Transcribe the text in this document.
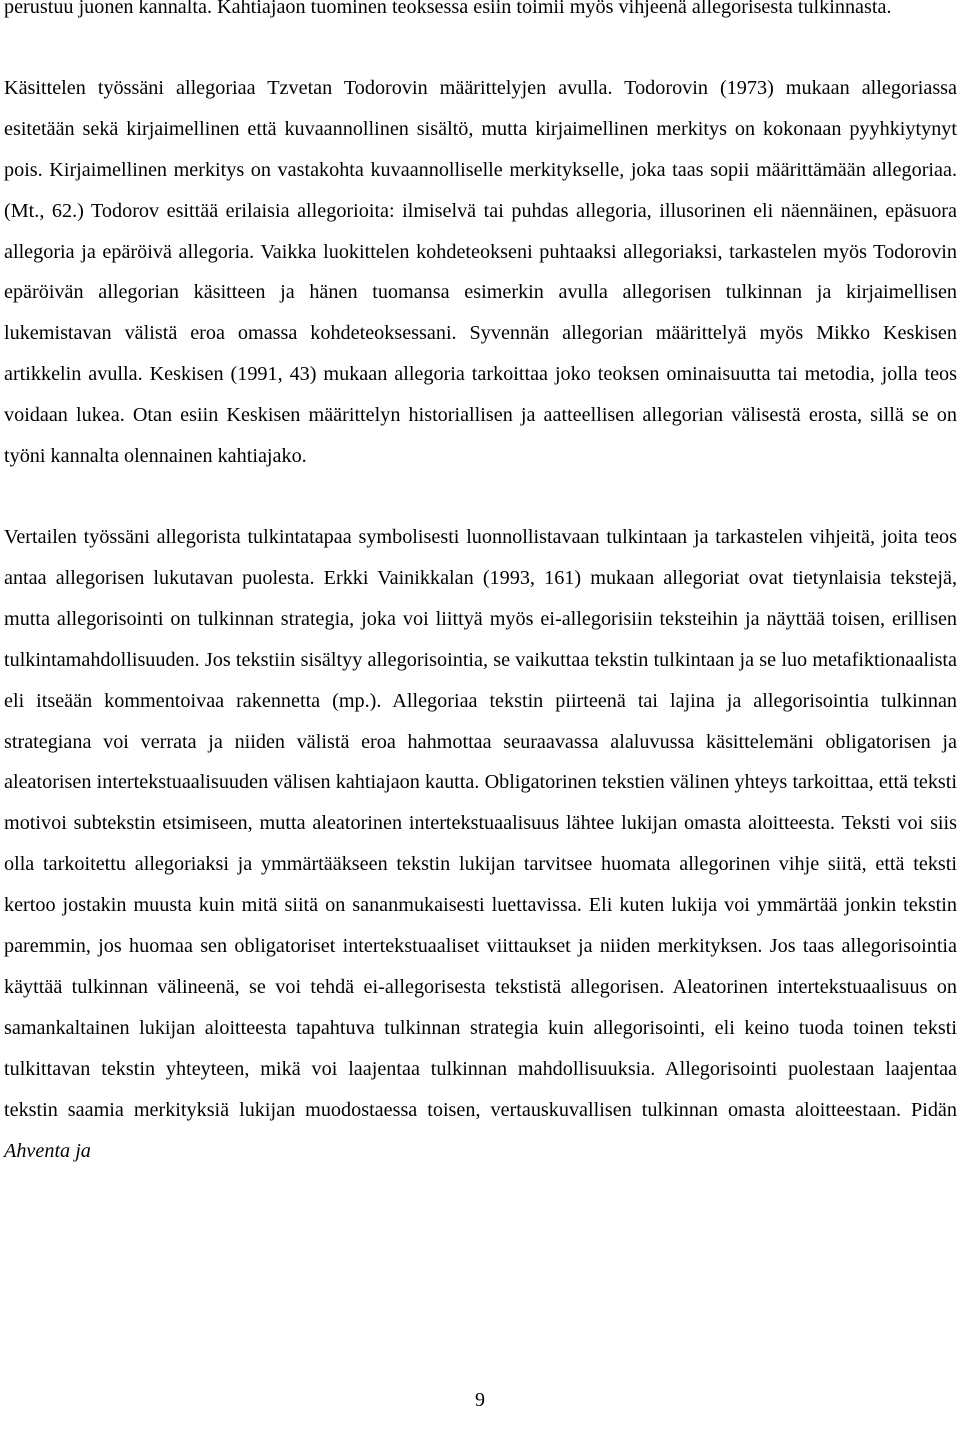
perustuu juonen kannalta. Kahtiajaon tuominen teoksessa esiin toimii myös vihjeenä allegorisesta tulkinnasta.

Käsittelen työssäni allegoriaa Tzvetan Todorovin määrittelyjen avulla. Todorovin (1973) mukaan allegoriassa esitetään sekä kirjaimellinen että kuvaannollinen sisältö, mutta kirjaimellinen merkitys on kokonaan pyyhkiytynyt pois. Kirjaimellinen merkitys on vastakohta kuvaannolliselle merkitykselle, joka taas sopii määrittämään allegoriaa. (Mt., 62.) Todorov esittää erilaisia allegorioita: ilmiselvä tai puhdas allegoria, illusorinen eli näennäinen, epäsuora allegoria ja epäröivä allegoria. Vaikka luokittelen kohdeteokseni puhtaaksi allegoriaksi, tarkastelen myös Todorovin epäröivän allegorian käsitteen ja hänen tuomansa esimerkin avulla allegorisen tulkinnan ja kirjaimellisen lukemistavan välistä eroa omassa kohdeteoksessani. Syvennän allegorian määrittelyä myös Mikko Keskisen artikkelin avulla. Keskisen (1991, 43) mukaan allegoria tarkoittaa joko teoksen ominaisuutta tai metodia, jolla teos voidaan lukea. Otan esiin Keskisen määrittelyn historiallisen ja aatteellisen allegorian välisestä erosta, sillä se on työni kannalta olennainen kahtiajako.

Vertailen työssäni allegorista tulkintatapaa symbolisesti luonnollistavaan tulkintaan ja tarkastelen vihjeitä, joita teos antaa allegorisen lukutavan puolesta. Erkki Vainikkalan (1993, 161) mukaan allegoriat ovat tietynlaisia tekstejä, mutta allegorisointi on tulkinnan strategia, joka voi liittyä myös ei-allegorisiin teksteihin ja näyttää toisen, erillisen tulkintamahdollisuuden. Jos tekstiin sisältyy allegorisointia, se vaikuttaa tekstin tulkintaan ja se luo metafiktionaalista eli itseään kommentoivaa rakennetta (mp.). Allegoriaa tekstin piirteenä tai lajina ja allegorisointia tulkinnan strategiana voi verrata ja niiden välistä eroa hahmottaa seuraavassa alaluvussa käsittelemäni obligatorisen ja aleatorisen intertekstuaalisuuden välisen kahtiajaon kautta. Obligatorinen tekstien välinen yhteys tarkoittaa, että teksti motivoi subtekstin etsimiseen, mutta aleatorinen intertekstuaalisuus lähtee lukijan omasta aloitteesta. Teksti voi siis olla tarkoitettu allegoriaksi ja ymmärtääkseen tekstin lukijan tarvitsee huomata allegorinen vihje siitä, että teksti kertoo jostakin muusta kuin mitä siitä on sananmukaisesti luettavissa. Eli kuten lukija voi ymmärtää jonkin tekstin paremmin, jos huomaa sen obligatoriset intertekstuaaliset viittaukset ja niiden merkityksen. Jos taas allegorisointia käyttää tulkinnan välineenä, se voi tehdä ei-allegorisesta tekstistä allegorisen. Aleatorinen intertekstuaalisuus on samankaltainen lukijan aloitteesta tapahtuva tulkinnan strategia kuin allegorisointi, eli keino tuoda toinen teksti tulkittavan tekstin yhteyteen, mikä voi laajentaa tulkinnan mahdollisuuksia. Allegorisointi puolestaan laajentaa tekstin saamia merkityksiä lukijan muodostaessa toisen, vertauskuvallisen tulkinnan omasta aloitteestaan. Pidän Ahventa ja

9
